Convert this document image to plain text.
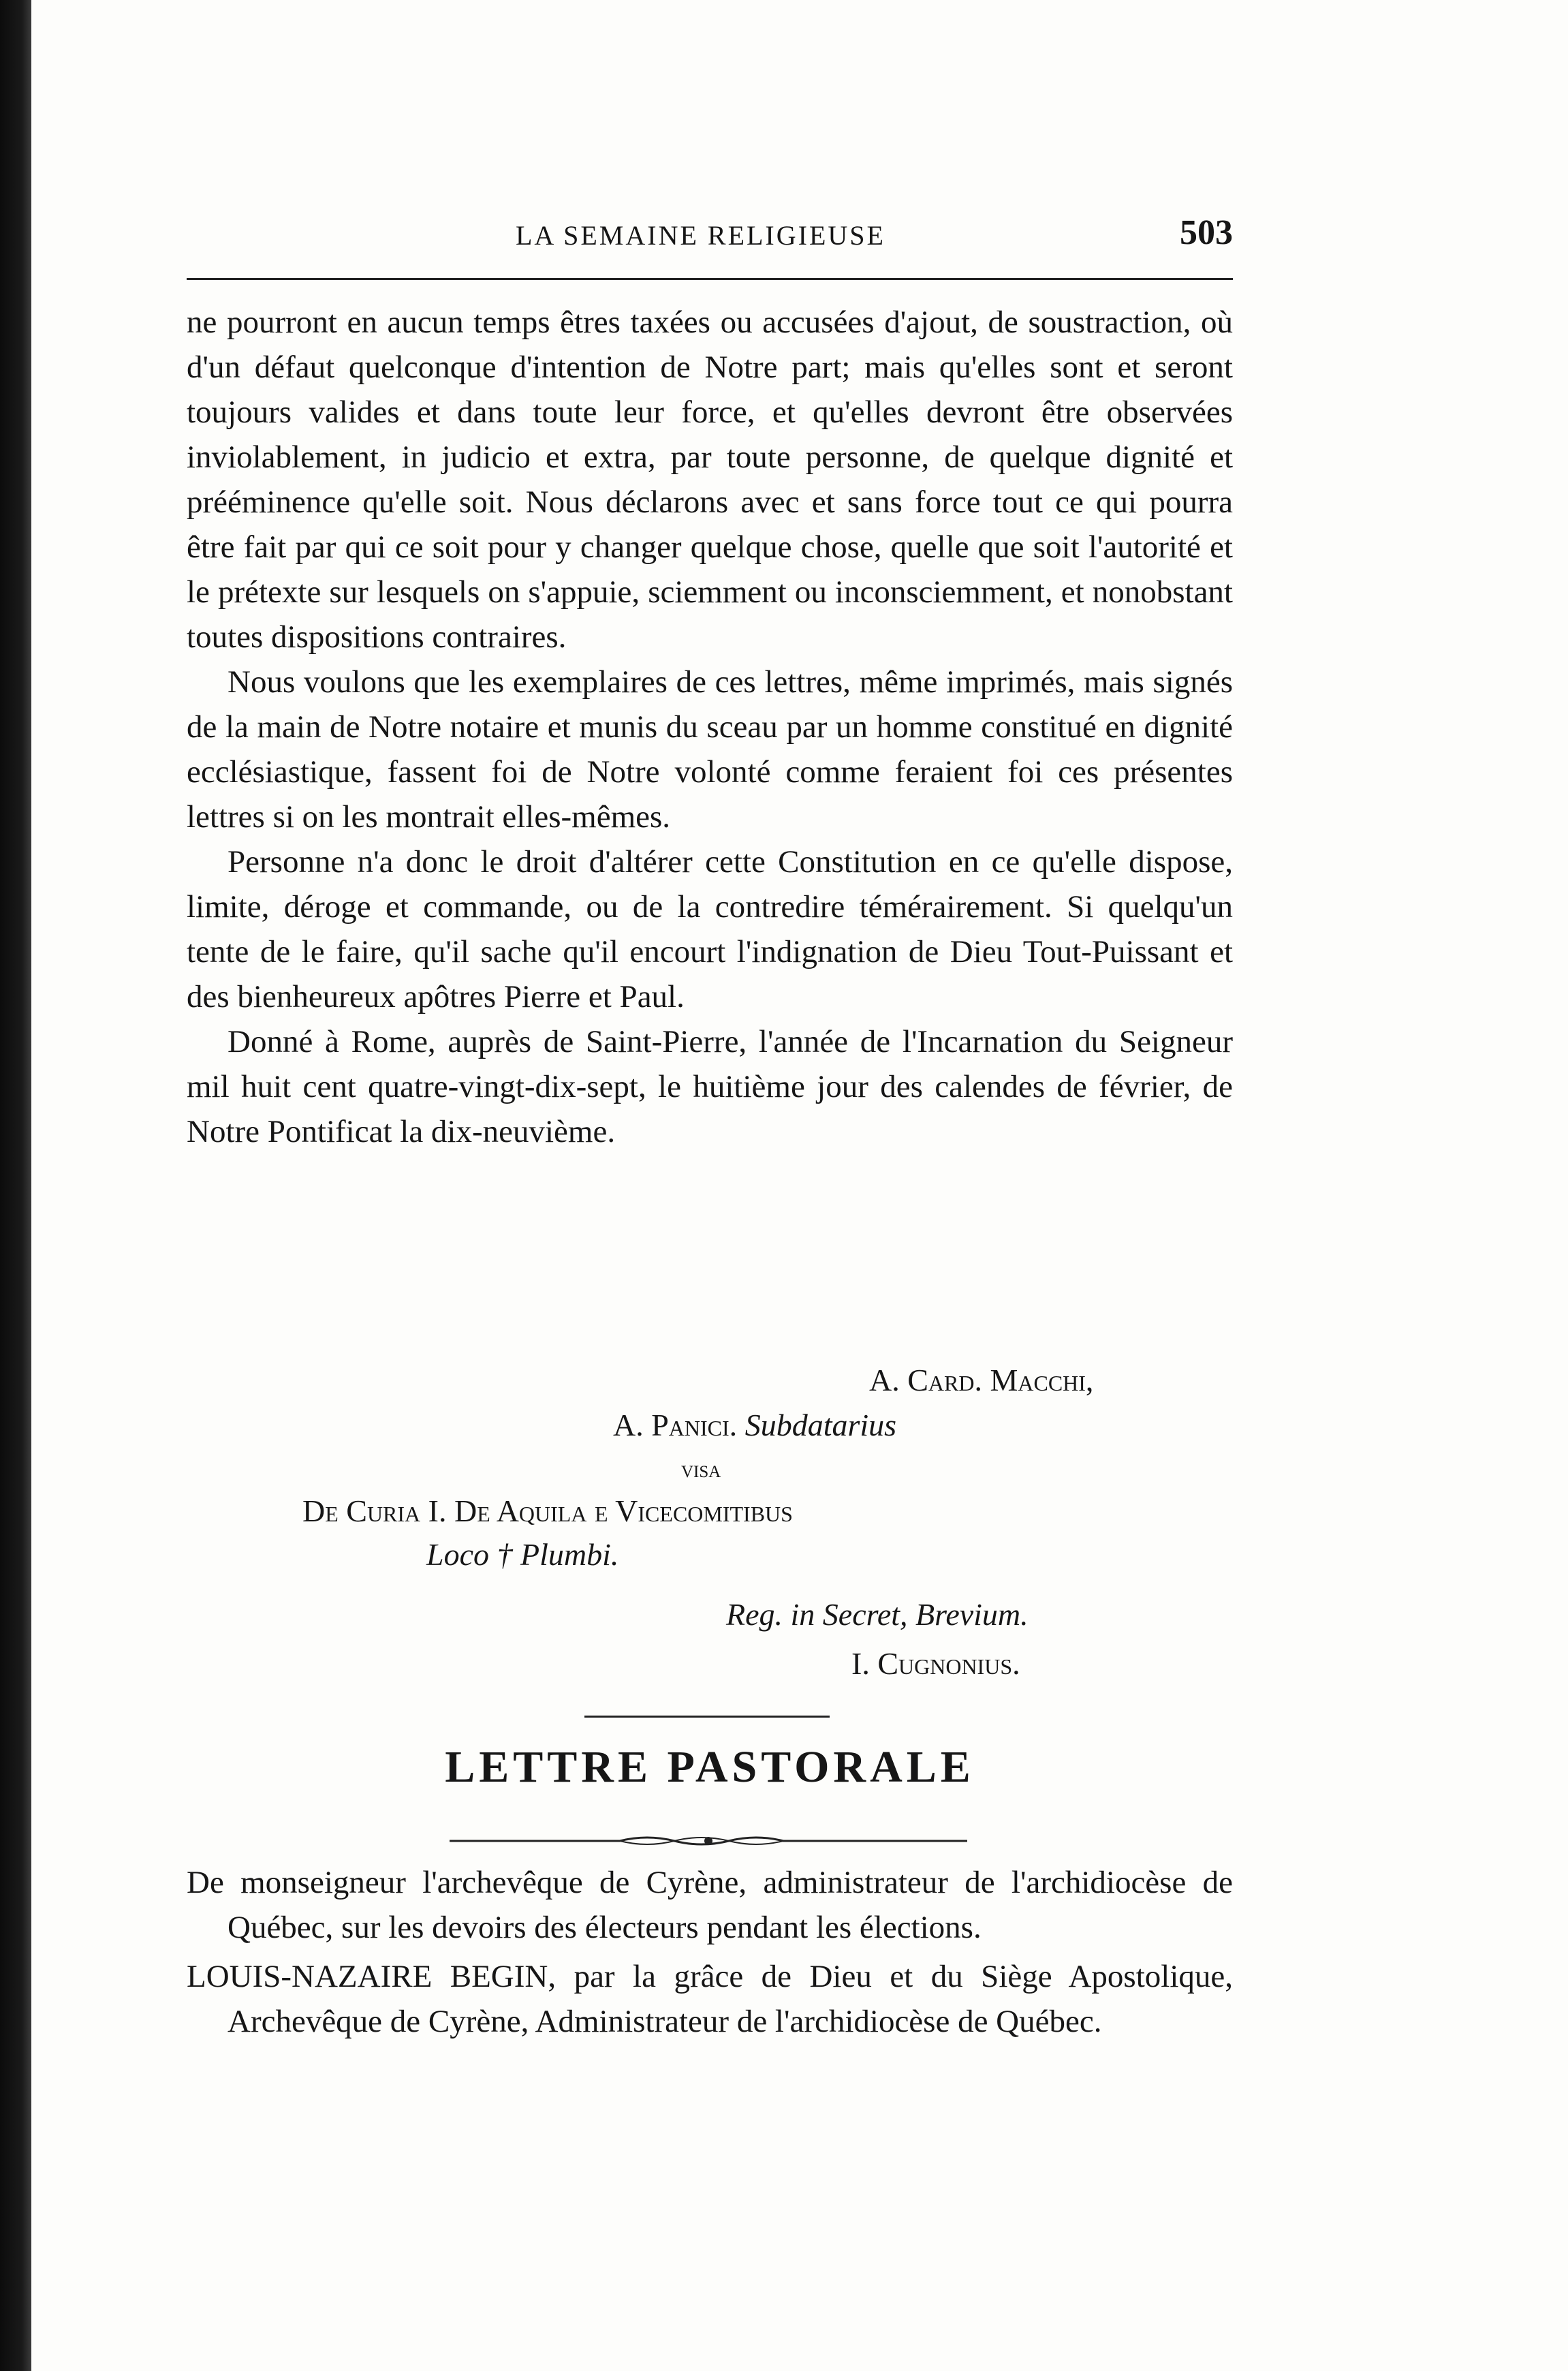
LA SEMAINE RELIGIEUSE	503

ne pourront en aucun temps êtres taxées ou accusées d'ajout, de soustraction, où d'un défaut quelconque d'intention de Notre part; mais qu'elles sont et seront toujours valides et dans toute leur force, et qu'elles devront être observées inviolablement, in judicio et extra, par toute personne, de quelque dignité et prééminence qu'elle soit. Nous déclarons avec et sans force tout ce qui pourra être fait par qui ce soit pour y changer quelque chose, quelle que soit l'autorité et le prétexte sur lesquels on s'appuie, sciemment ou inconsciemment, et nonobstant toutes dispositions contraires.

Nous voulons que les exemplaires de ces lettres, même imprimés, mais signés de la main de Notre notaire et munis du sceau par un homme constitué en dignité ecclésiastique, fassent foi de Notre volonté comme feraient foi ces présentes lettres si on les montrait elles-mêmes.

Personne n'a donc le droit d'altérer cette Constitution en ce qu'elle dispose, limite, déroge et commande, ou de la contredire témérairement. Si quelqu'un tente de le faire, qu'il sache qu'il encourt l'indignation de Dieu Tout-Puissant et des bienheureux apôtres Pierre et Paul.

Donné à Rome, auprès de Saint-Pierre, l'année de l'Incarnation du Seigneur mil huit cent quatre-vingt-dix-sept, le huitième jour des calendes de février, de Notre Pontificat la dix-neuvième.

A. Card. Macchi,
A. Panici. Subdatarius
visa
De Curia I. De Aquila e Vicecomitibus
Loco † Plumbi.
Reg. in Secret, Brevium.
I. Cugnonius.
LETTRE PASTORALE

De monseigneur l'archevêque de Cyrène, administrateur de l'archidiocèse de Québec, sur les devoirs des électeurs pendant les élections.

LOUIS-NAZAIRE BEGIN, par la grâce de Dieu et du Siège Apostolique, Archevêque de Cyrène, Administrateur de l'archidiocèse de Québec.
